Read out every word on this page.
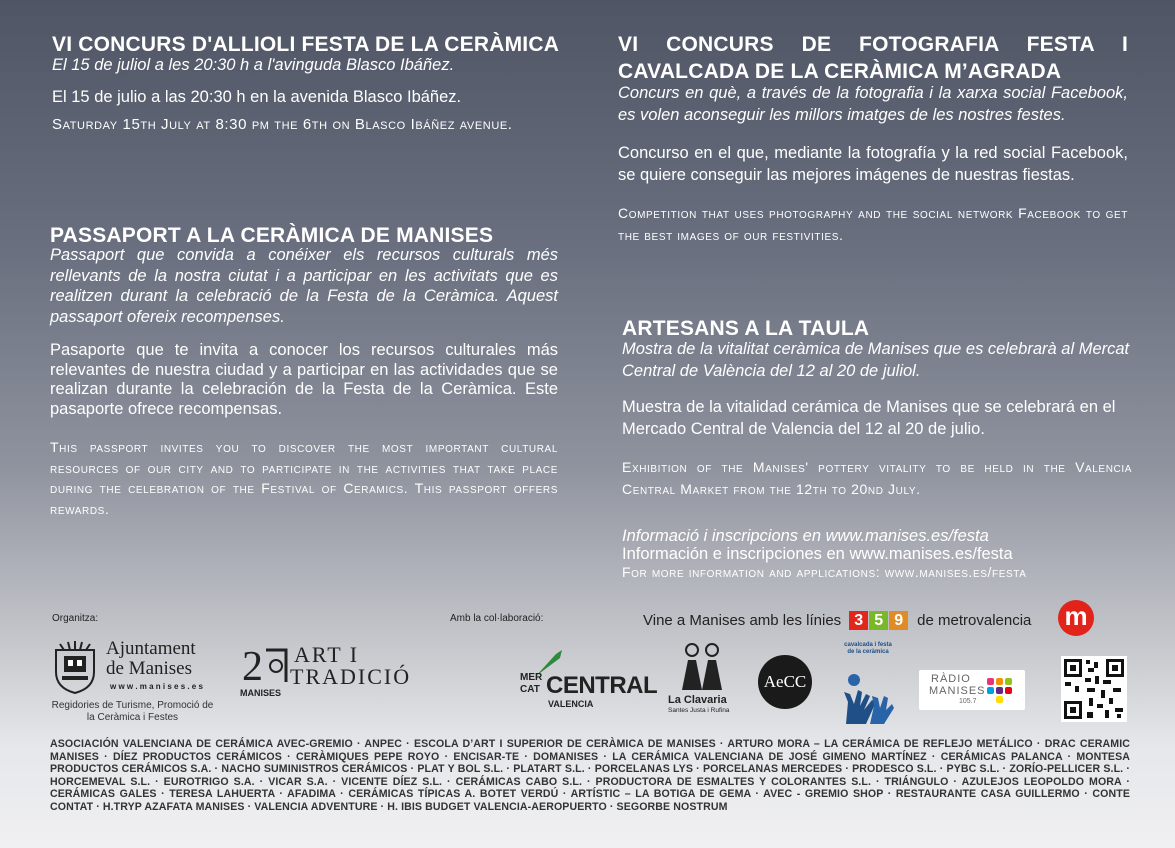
VI CONCURS D'ALLIOLI FESTA DE LA CERÀMICA
El 15 de juliol a les 20:30 h a l'avinguda Blasco Ibáñez.
El 15 de julio a las 20:30 h en la avenida Blasco Ibáñez.
Saturday 15th July at 8:30 pm the 6th on Blasco Ibáñez avenue.
PASSAPORT A LA CERÀMICA DE MANISES
Passaport que convida a conéixer els recursos culturals més rellevants de la nostra ciutat i a participar en les activitats que es realitzen durant la celebració de la Festa de la Ceràmica. Aquest passaport ofereix recompenses.
Pasaporte que te invita a conocer los recursos culturales más relevantes de nuestra ciudad y a participar en las actividades que se realizan durante la celebración de la Festa de la Ceràmica. Este pasaporte ofrece recompensas.
This passport invites you to discover the most important cultural resources of our city and to participate in the activities that take place during the celebration of the Festival of Ceramics. This passport offers rewards.
VI CONCURS DE FOTOGRAFIA FESTA I
CAVALCADA DE LA CERÀMICA M’AGRADA
Concurs en què, a través de la fotografia i la xarxa social Facebook, es volen aconseguir les millors imatges de les nostres festes.
Concurso en el que, mediante la fotografía y la red social Facebook, se quiere conseguir las mejores imágenes de nuestras fiestas.
Competition that uses photography and the social network Facebook to get the best images of our festivities.
ARTESANS A LA TAULA
Mostra de la vitalitat ceràmica de Manises que es celebrarà al Mercat Central de València del 12 al 20 de juliol.
Muestra de la vitalidad cerámica de Manises que se celebrará en el Mercado Central de Valencia del 12 al 20 de julio.
Exhibition of the Manises' pottery vitality to be held in the Valencia Central Market from the 12th to 20nd July.
Informació i inscripcions en www.manises.es/festa
Información e inscripciones en www.manises.es/festa
For more information and applications: www.manises.es/festa
Organitza:	Amb la col·laboració:	Vine a Manises amb les línies 3 5 9 de metrovalencia m
Ajuntament
de Manises
w w w . m a n i s e s . e s
Regidories de Turisme, Promoció de la Ceràmica i Festes
2 ART I
TRADICIÓ
MANISES
MER
CAT CENTRAL
VALENCIA	La Clavaria
Santes Justa i Rufina
AeCC
cavalcada i festa de la ceràmica
RÀDIO
MANISES
105.7
ASOCIACIÓN VALENCIANA DE CERÁMICA AVEC-GREMIO · ANPEC · ESCOLA D’ART I SUPERIOR DE CERÀMICA DE MANISES · ARTURO MORA – LA CERÁMICA DE REFLEJO METÁLICO · DRAC CERAMIC MANISES · DÍEZ PRODUCTOS CERÁMICOS · CERÀMIQUES PEPE ROYO · ENCISAR-TE · DOMANISES · LA CERÁMICA VALENCIANA DE JOSÉ GIMENO MARTÍNEZ · CERÁMICAS PALANCA · MONTESA PRODUCTOS CERÁMICOS S.A. · NACHO SUMINISTROS CERÁMICOS · PLAT Y BOL S.L. · PLATART S.L. · PORCELANAS LYS · PORCELANAS MERCEDES · PRODESCO S.L. · PYBC S.L. · ZORÍO-PELLICER S.L. · HORCEMEVAL S.L. · EUROTRIGO S.A. · VICAR S.A. · VICENTE DÍEZ S.L. · CERÁMICAS CABO S.L. · PRODUCTORA DE ESMALTES Y COLORANTES S.L. · TRIÁNGULO · AZULEJOS LEOPOLDO MORA · CERÁMICAS GALES · TERESA LAHUERTA · AFADIMA · CERÁMICAS TÍPICAS A. BOTET VERDÚ · ARTÍSTIC – LA BOTIGA DE GEMA · AVEC - GREMIO SHOP · RESTAURANTE CASA GUILLERMO · CONTE CONTAT · H.TRYP AZAFATA MANISES · VALENCIA ADVENTURE · H. IBIS BUDGET VALENCIA-AEROPUERTO · SEGORBE NOSTRUM
